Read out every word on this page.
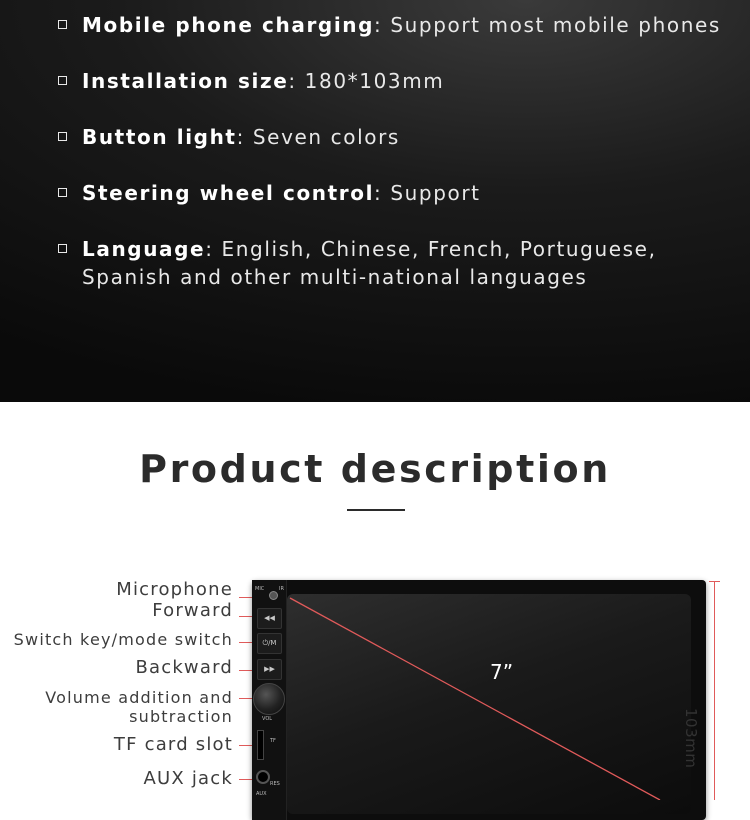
Mobile phone charging: Support most mobile phones
Installation size: 180*103mm
Button light: Seven colors
Steering wheel control: Support
Language: English, Chinese, French, Portuguese, Spanish and other multi-national languages
Product description
Microphone
Forward
Switch key/mode switch
Backward
Volume addition and
subtraction
TF card slot
AUX jack
7”
MIC	IR
◀◀
⏻/M
▶▶
VOL
TF
RES
AUX
103mm
